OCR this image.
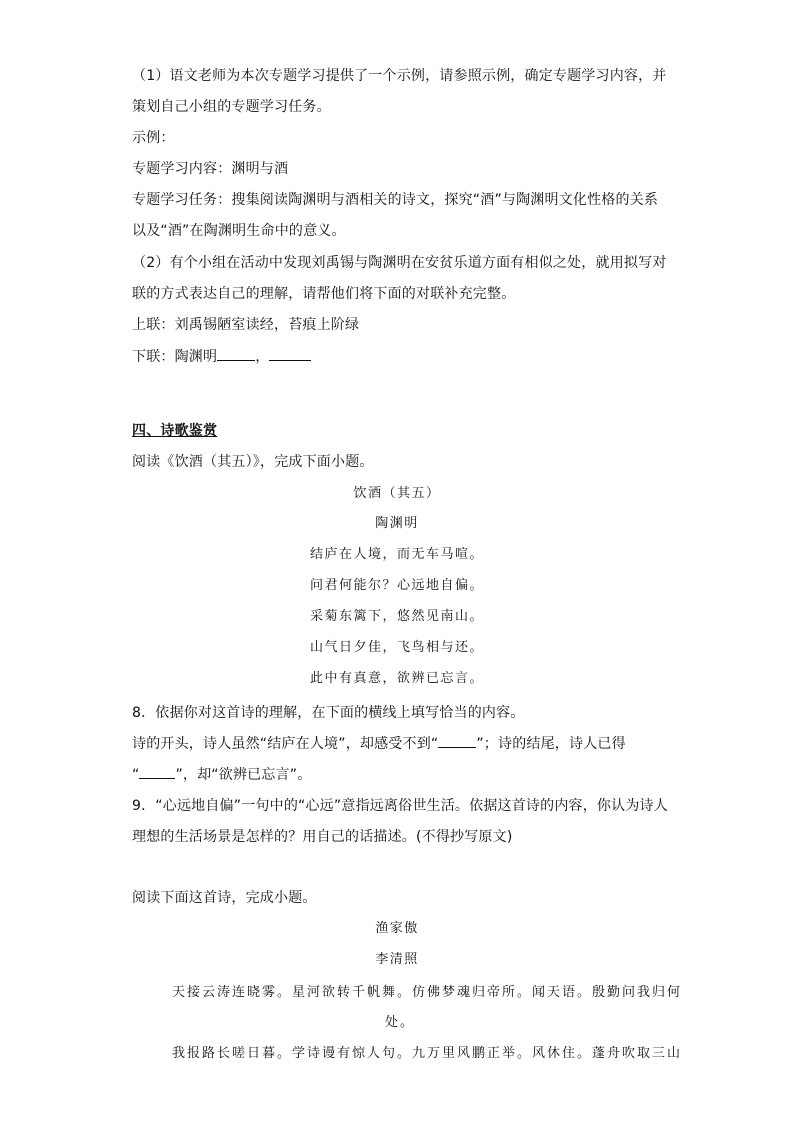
（1）语文老师为本次专题学习提供了一个示例，请参照示例，确定专题学习内容，并
策划自己小组的专题学习任务。
示例：
专题学习内容：渊明与酒
专题学习任务：搜集阅读陶渊明与酒相关的诗文，探究“酒”与陶渊明文化性格的关系
以及“酒”在陶渊明生命中的意义。
（2）有个小组在活动中发现刘禹锡与陶渊明在安贫乐道方面有相似之处，就用拟写对
联的方式表达自己的理解，请帮他们将下面的对联补充完整。
上联：刘禹锡陋室读经，苔痕上阶绿
下联：陶渊明	，
四、诗歌鉴赏
阅读《饮酒（其五）》，完成下面小题。
饮酒（其五）
陶渊明
结庐在人境，而无车马喧。
问君何能尔？心远地自偏。
采菊东篱下，悠然见南山。
山气日夕佳，飞鸟相与还。
此中有真意，欲辨已忘言。
8．依据你对这首诗的理解，在下面的横线上填写恰当的内容。
诗的开头，诗人虽然“结庐在人境”，却感受不到“	”；诗的结尾，诗人已得
“	”，却“欲辨已忘言”。
9．“心远地自偏”一句中的“心远”意指远离俗世生活。依据这首诗的内容，你认为诗人
理想的生活场景是怎样的？用自己的话描述。(不得抄写原文)
阅读下面这首诗，完成小题。
渔家傲
李清照
天接云涛连晓雾。星河欲转千帆舞。仿佛梦魂归帝所。闻天语。殷勤问我归何
处。
我报路长嗟日暮。学诗谩有惊人句。九万里风鹏正举。风休住。蓬舟吹取三山
